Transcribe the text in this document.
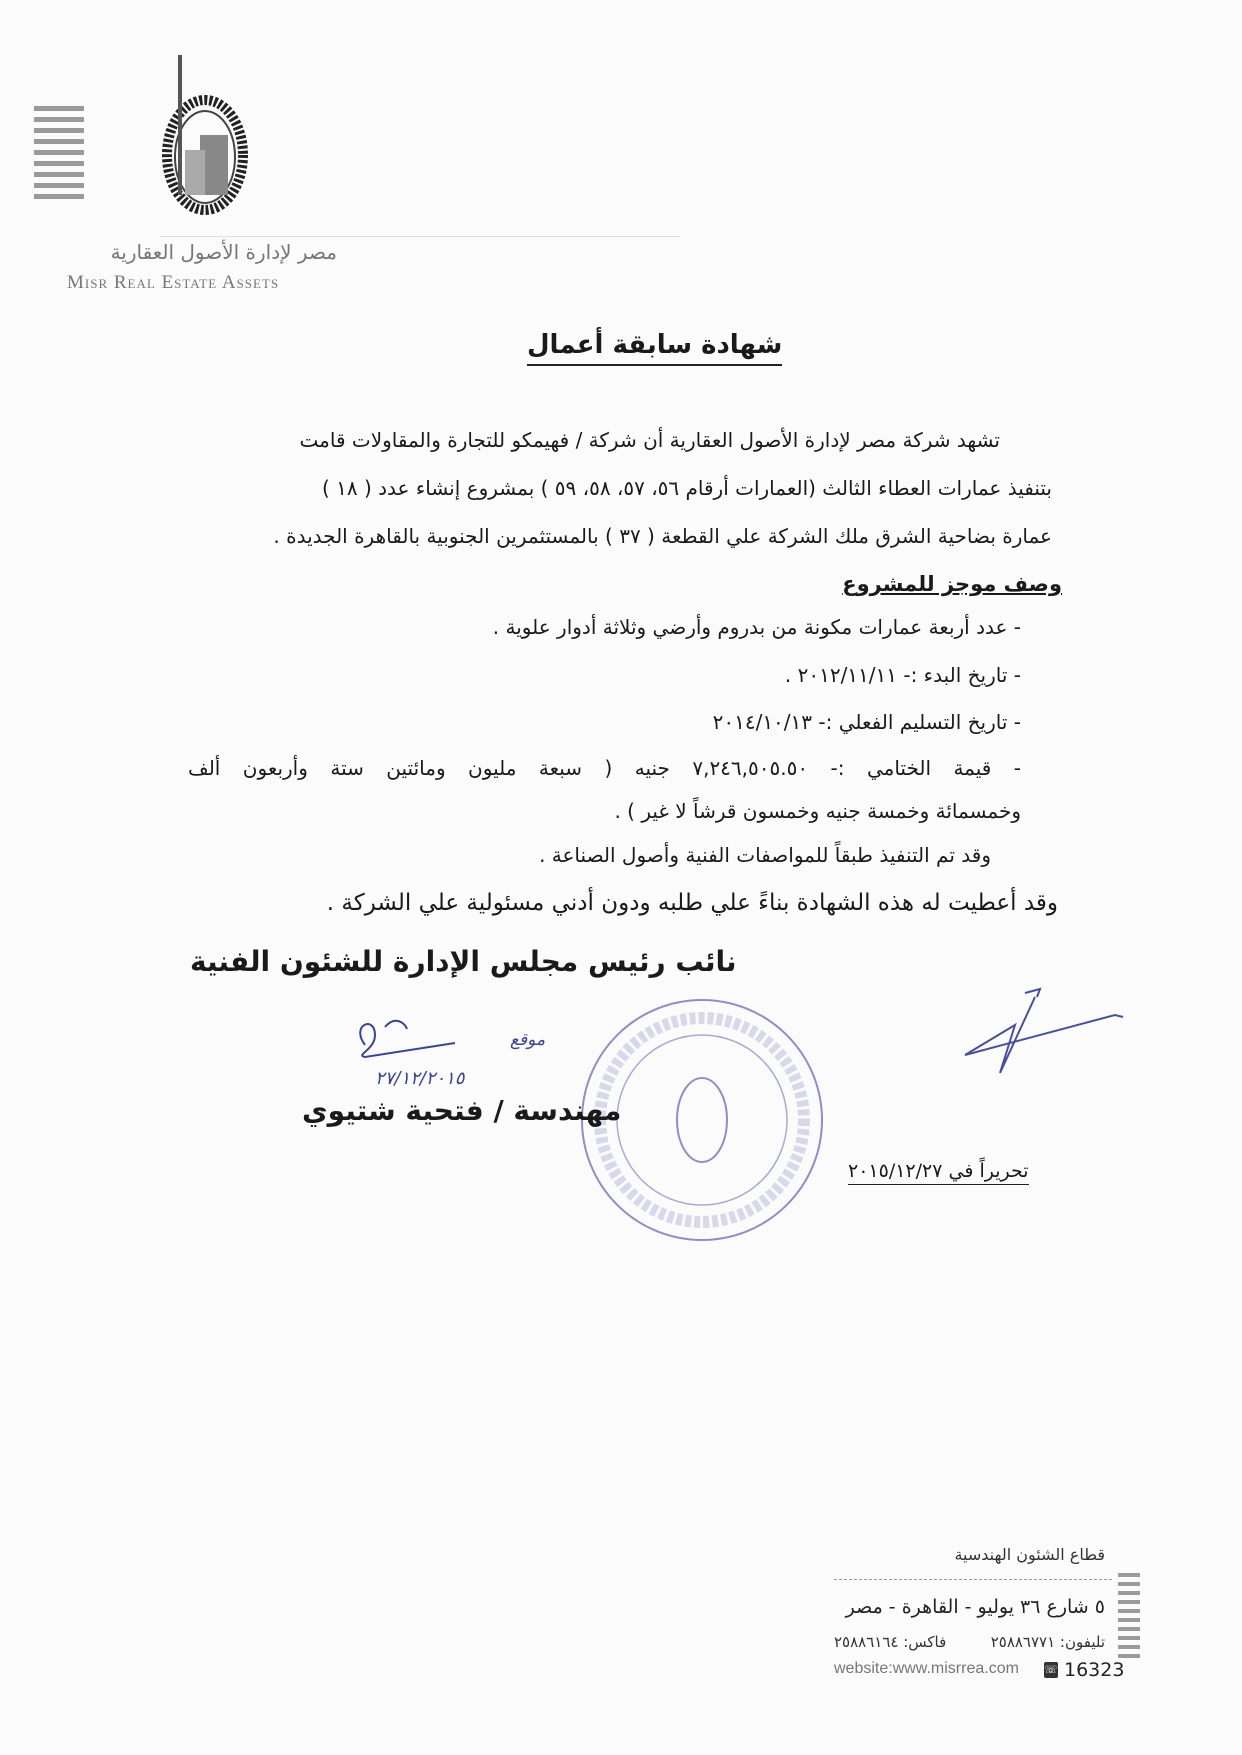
مصر لإدارة الأصول العقارية
Misr Real Estate Assets
شهادة سابقة أعمال
تشهد شركة مصر لإدارة الأصول العقارية أن شركة / فهيمكو للتجارة والمقاولات قامت
بتنفيذ عمارات العطاء الثالث (العمارات أرقام ٥٦، ٥٧، ٥٨، ٥٩ ) بمشروع إنشاء عدد ( ١٨ )
عمارة بضاحية الشرق ملك الشركة علي القطعة ( ٣٧ ) بالمستثمرين الجنوبية بالقاهرة الجديدة .
وصف موجز للمشروع
- عدد أربعة عمارات مكونة من بدروم وأرضي وثلاثة أدوار علوية .
- تاريخ البدء :- ٢٠١٢/١١/١١ .
- تاريخ التسليم الفعلي :- ٢٠١٤/١٠/١٣
- قيمة الختامي :- ٧,٢٤٦,٥٠٥.٥٠ جنيه ( سبعة مليون ومائتين ستة وأربعون ألف
وخمسمائة وخمسة جنيه وخمسون قرشاً لا غير ) .
وقد تم التنفيذ طبقاً للمواصفات الفنية وأصول الصناعة .
وقد أعطيت له هذه الشهادة بناءً علي طلبه ودون أدني مسئولية علي الشركة .
نائب رئيس مجلس الإدارة للشئون الفنية
موقع
٢٧/١٢/٢٠١٥
مهندسة / فتحية شتيوي
تحريراً في ٢٠١٥/١٢/٢٧
قطاع الشئون الهندسية
٥ شارع ٣٦ يوليو - القاهرة - مصر
تليفون: ٢٥٨٨٦٧٧١
فاكس: ٢٥٨٨٦١٦٤
website:www.misrrea.com ☏ 16323
